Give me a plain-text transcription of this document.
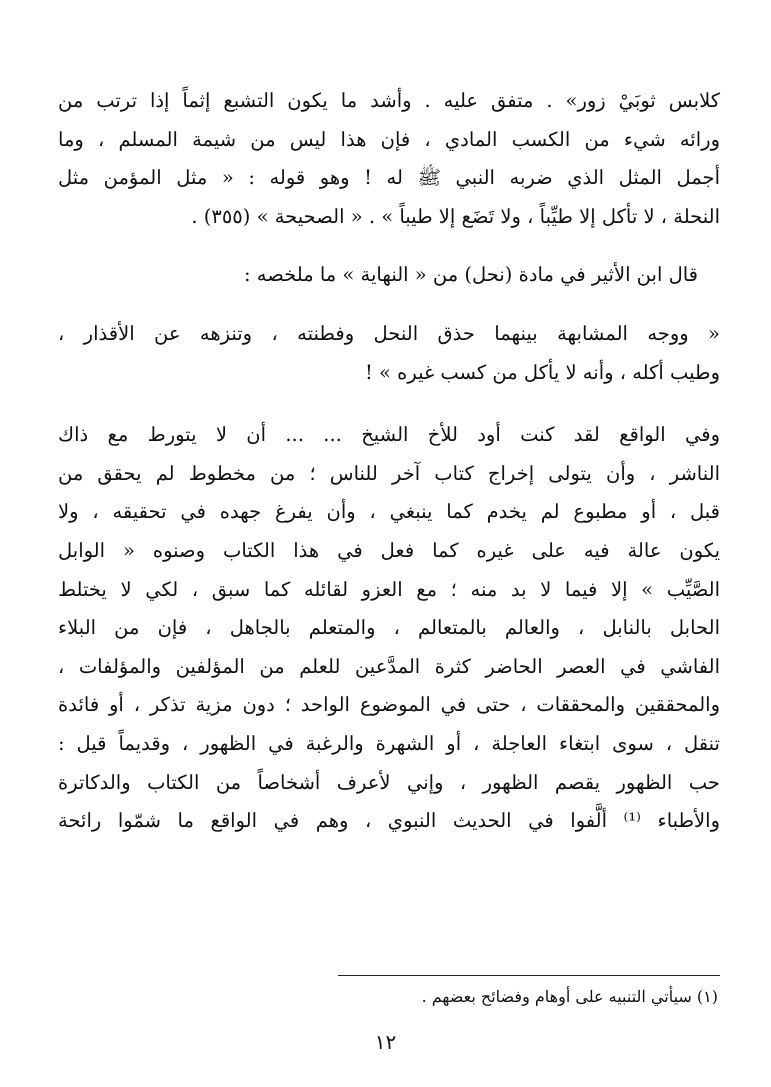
كلابس ثوبَيْ زور» . متفق عليه . وأشد ما يكون التشبع إثماً إذا ترتب من
ورائه شيء من الكسب المادي ، فإن هذا ليس من شيمة المسلم ، وما
أجمل المثل الذي ضربه النبي ﷺ له ! وهو قوله : « مثل المؤمن مثل
النحلة ، لا تأكل إلا طيِّباً ، ولا تَضَع إلا طيباً » . « الصحيحة » (٣٥٥) .

قال ابن الأثير في مادة (نحل) من « النهاية » ما ملخصه :

« ووجه المشابهة بينهما حذق النحل وفطنته ، وتنزهه عن الأقذار ،
وطيب أكله ، وأنه لا يأكل من كسب غيره » !

وفي الواقع لقد كنت أود للأخ الشيخ ... ... أن لا يتورط مع ذاك
الناشر ، وأن يتولى إخراج كتاب آخر للناس ؛ من مخطوط لم يحقق من
قبل ، أو مطبوع لم يخدم كما ينبغي ، وأن يفرغ جهده في تحقيقه ، ولا
يكون عالة فيه على غيره كما فعل في هذا الكتاب وصنوه « الوابل
الصَّيِّب » إلا فيما لا بد منه ؛ مع العزو لقائله كما سبق ، لكي لا يختلط
الحابل بالنابل ، والعالم بالمتعالم ، والمتعلم بالجاهل ، فإن من البلاء
الفاشي في العصر الحاضر كثرة المدَّعين للعلم من المؤلفين والمؤلفات ،
والمحققين والمحققات ، حتى في الموضوع الواحد ؛ دون مزية تذكر ، أو فائدة
تنقل ، سوى ابتغاء العاجلة ، أو الشهرة والرغبة في الظهور ، وقديماً قيل :
حب الظهور يقصم الظهور ، وإني لأعرف أشخاصاً من الكتاب والدكاترة
والأطباء ⁽¹⁾ ألَّفوا في الحديث النبوي ، وهم في الواقع ما شمّوا رائحة

(١) سيأتي التنبيه على أوهام وفضائح بعضهم .
١٢
